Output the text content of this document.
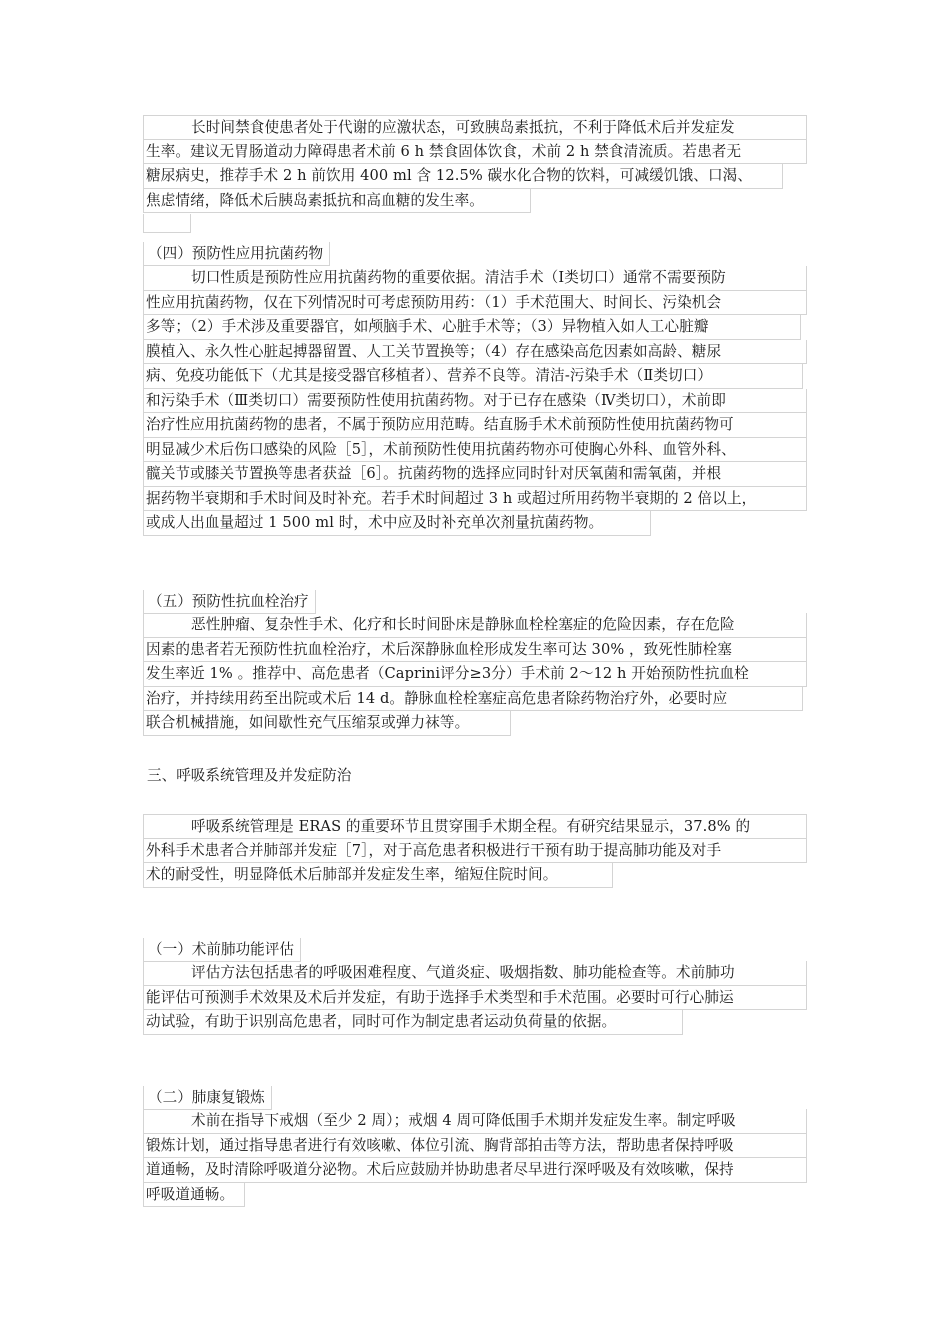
长时间禁食使患者处于代谢的应激状态，可致胰岛素抵抗，不利于降低术后并发症发
生率。建议无胃肠道动力障碍患者术前 6 h 禁食固体饮食，术前 2 h 禁食清流质。若患者无
糖尿病史，推荐手术 2 h 前饮用 400 ml 含 12.5% 碳水化合物的饮料，可减缓饥饿、口渴、
焦虑情绪，降低术后胰岛素抵抗和高血糖的发生率。
（四）预防性应用抗菌药物
切口性质是预防性应用抗菌药物的重要依据。清洁手术（Ⅰ类切口）通常不需要预防
性应用抗菌药物，仅在下列情况时可考虑预防用药：（1）手术范围大、时间长、污染机会
多等；（2）手术涉及重要器官，如颅脑手术、心脏手术等；（3）异物植入如人工心脏瓣
膜植入、永久性心脏起搏器留置、人工关节置换等；（4）存在感染高危因素如高龄、糖尿
病、免疫功能低下（尤其是接受器官移植者）、营养不良等。清洁-污染手术（Ⅱ类切口）
和污染手术（Ⅲ类切口）需要预防性使用抗菌药物。对于已存在感染（Ⅳ类切口），术前即
治疗性应用抗菌药物的患者，不属于预防应用范畴。结直肠手术术前预防性使用抗菌药物可
明显减少术后伤口感染的风险［5］，术前预防性使用抗菌药物亦可使胸心外科、血管外科、
髋关节或膝关节置换等患者获益［6］。抗菌药物的选择应同时针对厌氧菌和需氧菌，并根
据药物半衰期和手术时间及时补充。若手术时间超过 3 h 或超过所用药物半衰期的 2 倍以上，
或成人出血量超过 1 500 ml 时，术中应及时补充单次剂量抗菌药物。
（五）预防性抗血栓治疗
恶性肿瘤、复杂性手术、化疗和长时间卧床是静脉血栓栓塞症的危险因素，存在危险
因素的患者若无预防性抗血栓治疗，术后深静脉血栓形成发生率可达 30% ，致死性肺栓塞
发生率近 1% 。推荐中、高危患者（Caprini评分≥3分）手术前 2～12 h 开始预防性抗血栓
治疗，并持续用药至出院或术后 14 d。静脉血栓栓塞症高危患者除药物治疗外，必要时应
联合机械措施，如间歇性充气压缩泵或弹力袜等。
三、呼吸系统管理及并发症防治
呼吸系统管理是 ERAS 的重要环节且贯穿围手术期全程。有研究结果显示，37.8% 的
外科手术患者合并肺部并发症［7］，对于高危患者积极进行干预有助于提高肺功能及对手
术的耐受性，明显降低术后肺部并发症发生率，缩短住院时间。
（一）术前肺功能评估
评估方法包括患者的呼吸困难程度、气道炎症、吸烟指数、肺功能检查等。术前肺功
能评估可预测手术效果及术后并发症，有助于选择手术类型和手术范围。必要时可行心肺运
动试验，有助于识别高危患者，同时可作为制定患者运动负荷量的依据。
（二）肺康复锻炼
术前在指导下戒烟（至少 2 周）；戒烟 4 周可降低围手术期并发症发生率。制定呼吸
锻炼计划，通过指导患者进行有效咳嗽、体位引流、胸背部拍击等方法，帮助患者保持呼吸
道通畅，及时清除呼吸道分泌物。术后应鼓励并协助患者尽早进行深呼吸及有效咳嗽，保持
呼吸道通畅。
